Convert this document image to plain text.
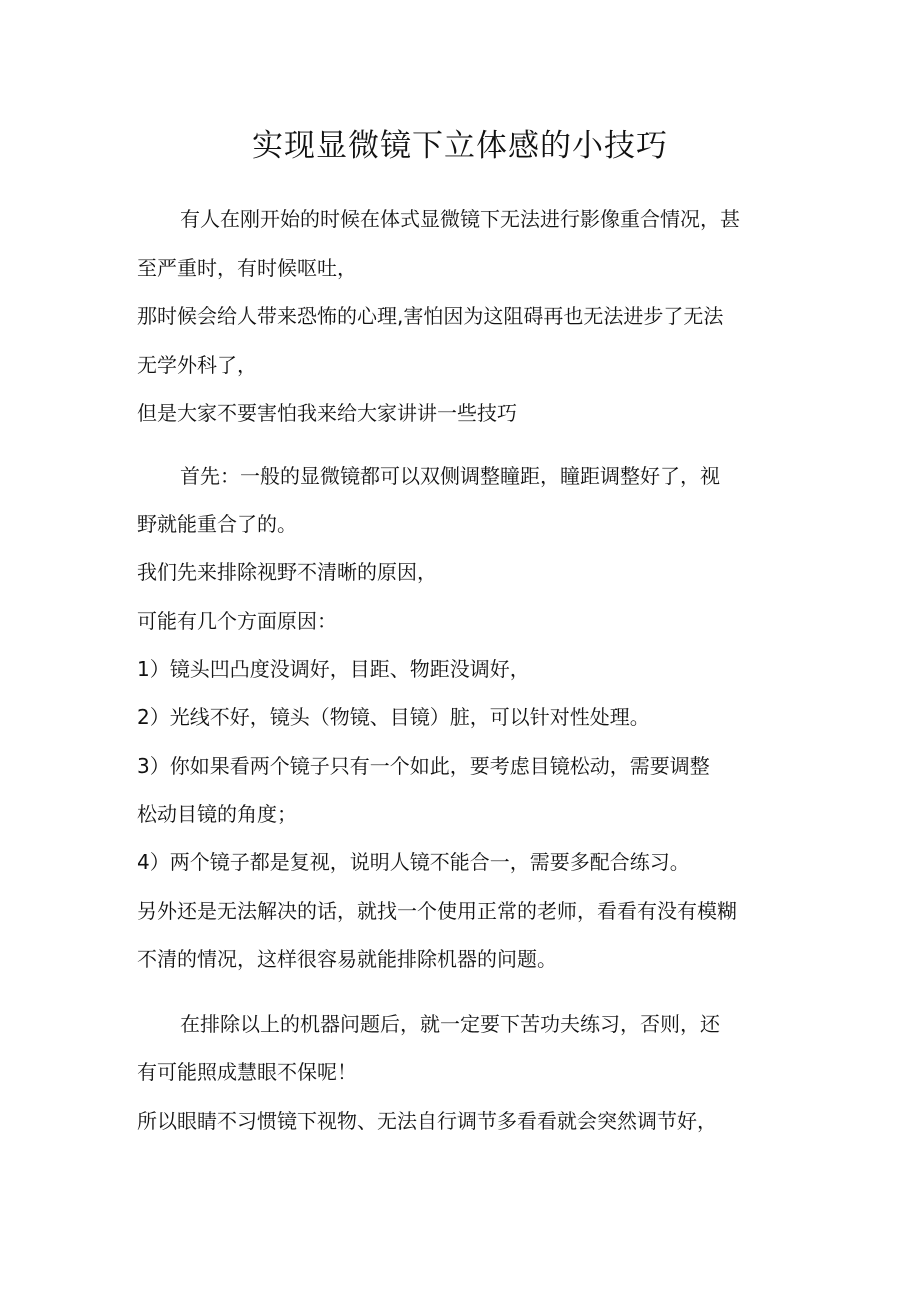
实现显微镜下立体感的小技巧

有人在刚开始的时候在体式显微镜下无法进行影像重合情况，甚

至严重时，有时候呕吐，

那时候会给人带来恐怖的心理,害怕因为这阻碍再也无法进步了无法

无学外科了，

但是大家不要害怕我来给大家讲讲一些技巧

首先：一般的显微镜都可以双侧调整瞳距，瞳距调整好了，视

野就能重合了的。

我们先来排除视野不清晰的原因，

可能有几个方面原因：

1）镜头凹凸度没调好，目距、物距没调好，

2）光线不好，镜头（物镜、目镜）脏，可以针对性处理。

3）你如果看两个镜子只有一个如此，要考虑目镜松动，需要调整

松动目镜的角度；

4）两个镜子都是复视，说明人镜不能合一，需要多配合练习。

另外还是无法解决的话，就找一个使用正常的老师，看看有没有模糊

不清的情况，这样很容易就能排除机器的问题。

在排除以上的机器问题后，就一定要下苦功夫练习，否则，还

有可能照成慧眼不保呢！

所以眼睛不习惯镜下视物、无法自行调节多看看就会突然调节好，
